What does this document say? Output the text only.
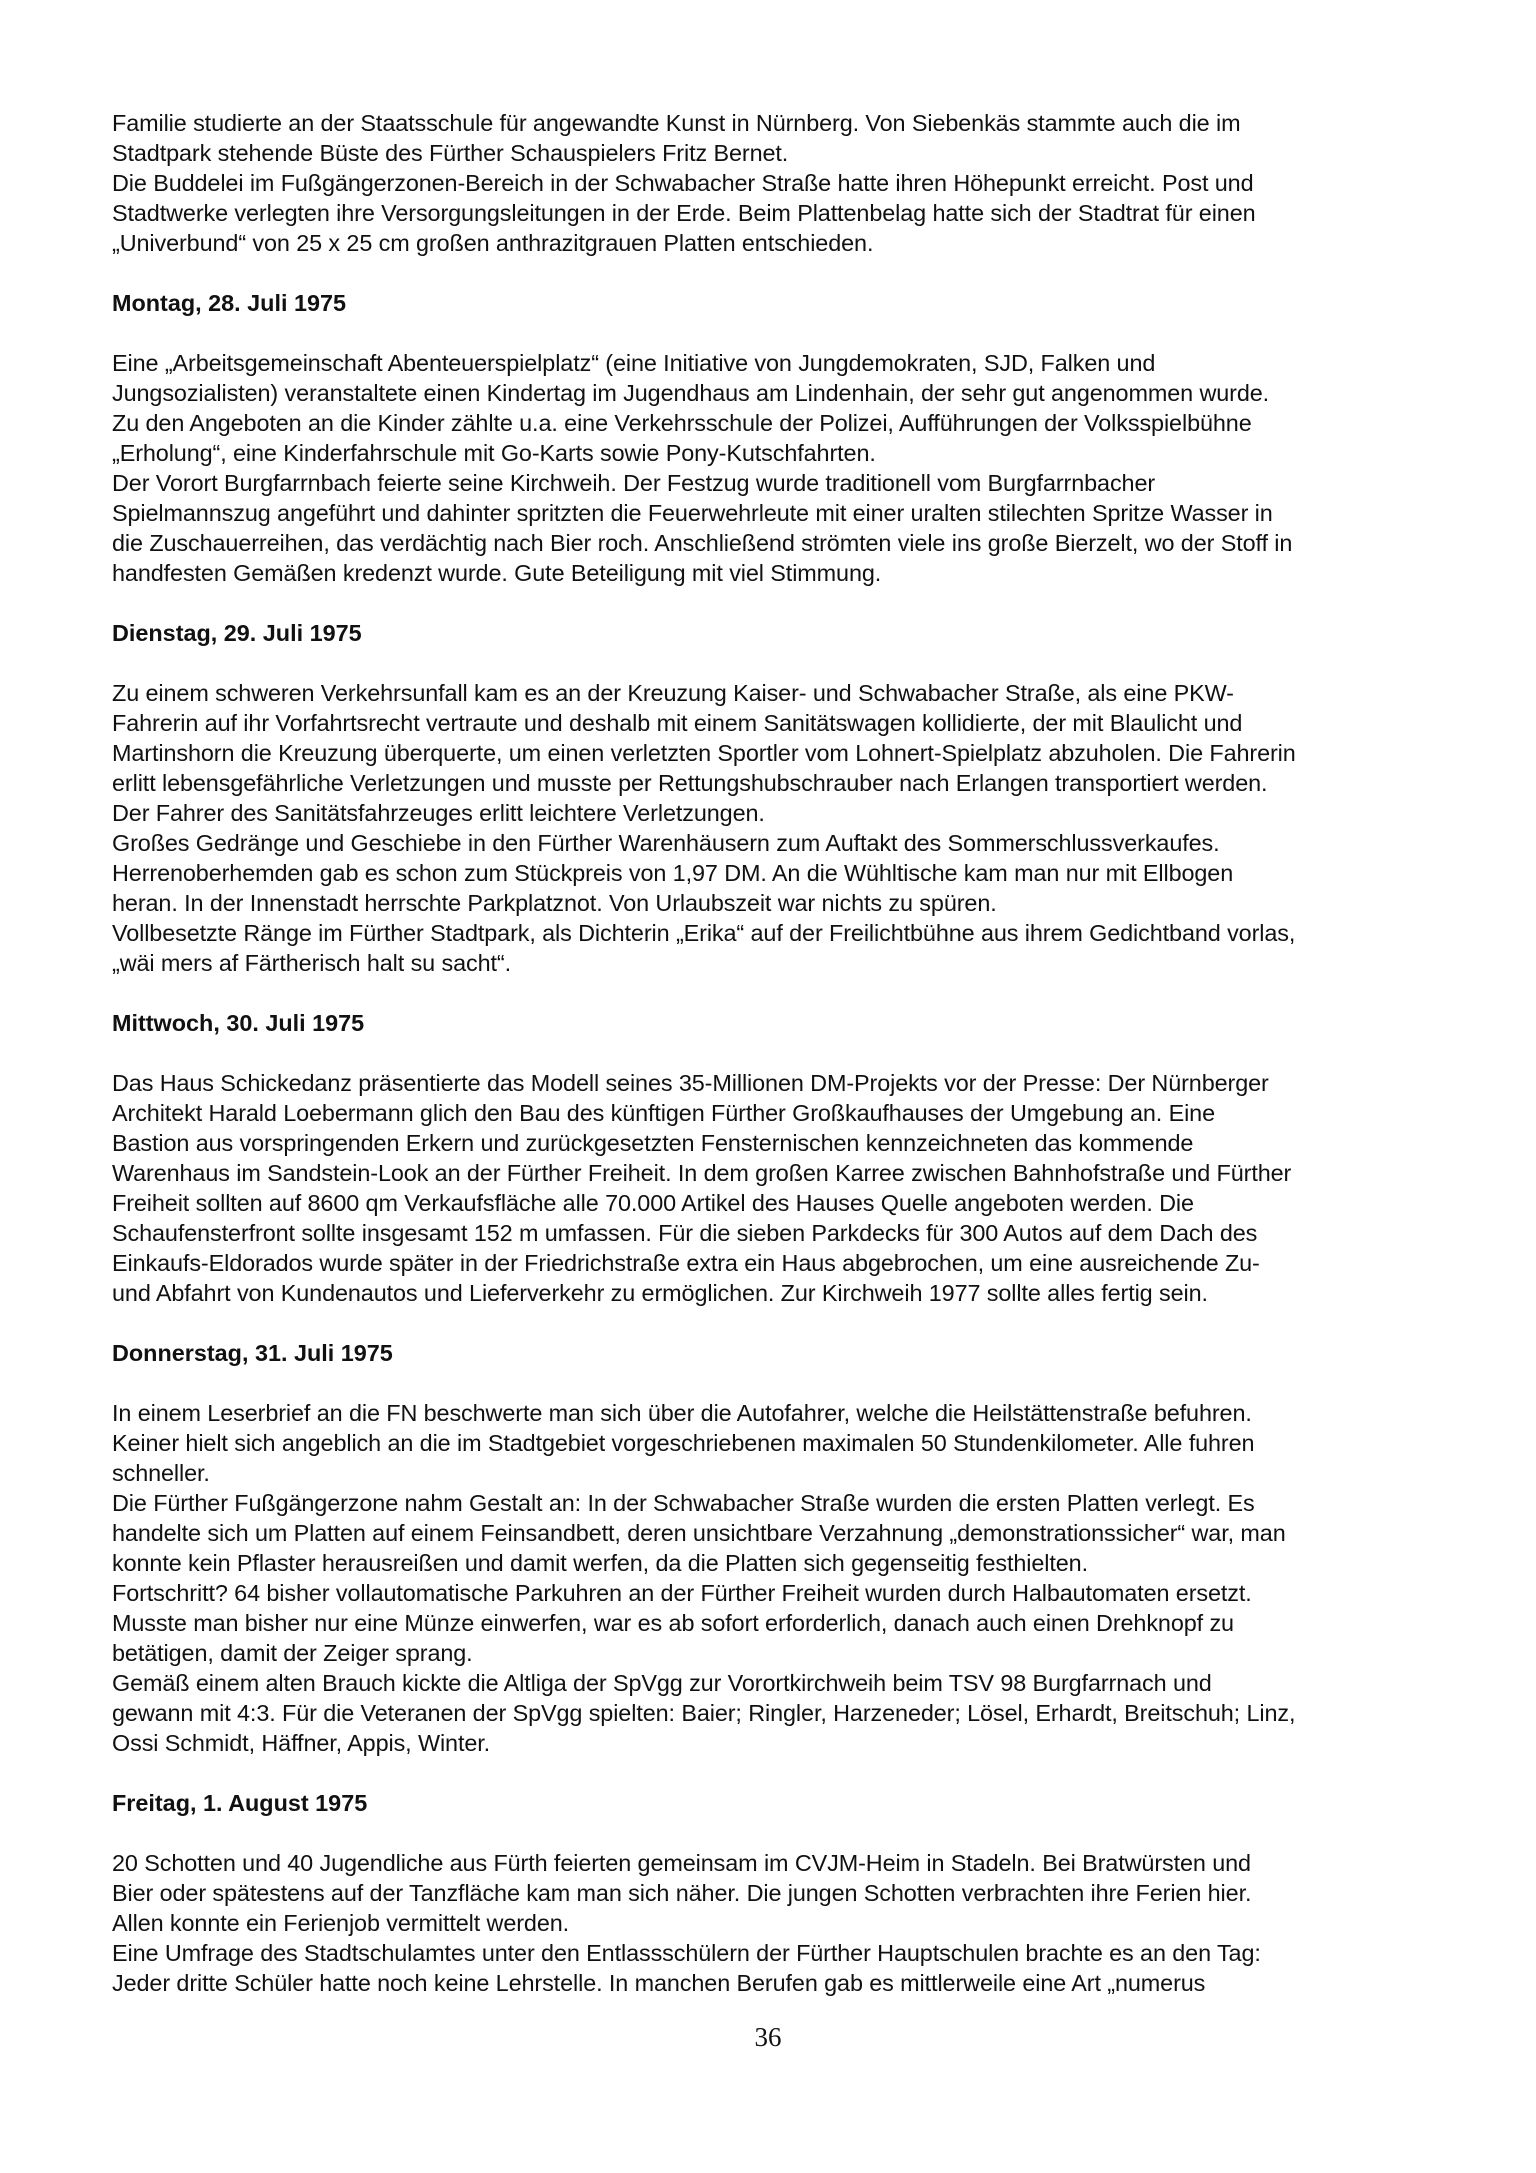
Familie studierte an der Staatsschule für angewandte Kunst in Nürnberg. Von Siebenkäs stammte auch die im
Stadtpark stehende Büste des Fürther Schauspielers Fritz Bernet.
Die Buddelei im Fußgängerzonen-Bereich in der Schwabacher Straße hatte ihren Höhepunkt erreicht. Post und
Stadtwerke verlegten ihre Versorgungsleitungen in der Erde. Beim Plattenbelag hatte sich der Stadtrat für einen
„Univerbund“ von 25 x 25 cm großen anthrazitgrauen Platten entschieden.

Montag, 28. Juli 1975

Eine „Arbeitsgemeinschaft Abenteuerspielplatz“ (eine Initiative von Jungdemokraten, SJD, Falken und
Jungsozialisten) veranstaltete einen Kindertag im Jugendhaus am Lindenhain, der sehr gut angenommen wurde.
Zu den Angeboten an die Kinder zählte u.a. eine Verkehrsschule der Polizei, Aufführungen der Volksspielbühne
„Erholung“, eine Kinderfahrschule mit Go-Karts sowie Pony-Kutschfahrten.
Der Vorort Burgfarrnbach feierte seine Kirchweih. Der Festzug wurde traditionell vom Burgfarrnbacher
Spielmannszug angeführt und dahinter spritzten die Feuerwehrleute mit einer uralten stilechten Spritze Wasser in
die Zuschauerreihen, das verdächtig nach Bier roch. Anschließend strömten viele ins große Bierzelt, wo der Stoff in
handfesten Gemäßen kredenzt wurde. Gute Beteiligung mit viel Stimmung.

Dienstag, 29. Juli 1975

Zu einem schweren Verkehrsunfall kam es an der Kreuzung Kaiser- und Schwabacher Straße, als eine PKW-
Fahrerin auf ihr Vorfahrtsrecht vertraute und deshalb mit einem Sanitätswagen kollidierte, der mit Blaulicht und
Martinshorn die Kreuzung überquerte, um einen verletzten Sportler vom Lohnert-Spielplatz abzuholen. Die Fahrerin
erlitt lebensgefährliche Verletzungen und musste per Rettungshubschrauber nach Erlangen transportiert werden.
Der Fahrer des Sanitätsfahrzeuges erlitt leichtere Verletzungen.
Großes Gedränge und Geschiebe in den Fürther Warenhäusern zum Auftakt des Sommerschlussverkaufes.
Herrenoberhemden gab es schon zum Stückpreis von 1,97 DM. An die Wühltische kam man nur mit Ellbogen
heran. In der Innenstadt herrschte Parkplatznot. Von Urlaubszeit war nichts zu spüren.
Vollbesetzte Ränge im Fürther Stadtpark, als Dichterin „Erika“ auf der Freilichtbühne aus ihrem Gedichtband vorlas,
„wäi mers af Färtherisch halt su sacht“.

Mittwoch, 30. Juli 1975

Das Haus Schickedanz präsentierte das Modell seines 35-Millionen DM-Projekts vor der Presse: Der Nürnberger
Architekt Harald Loebermann glich den Bau des künftigen Fürther Großkaufhauses der Umgebung an. Eine
Bastion aus vorspringenden Erkern und zurückgesetzten Fensternischen kennzeichneten das kommende
Warenhaus im Sandstein-Look an der Fürther Freiheit. In dem großen Karree zwischen Bahnhofstraße und Fürther
Freiheit sollten auf 8600 qm Verkaufsfläche alle 70.000 Artikel des Hauses Quelle angeboten werden. Die
Schaufensterfront sollte insgesamt 152 m umfassen. Für die sieben Parkdecks für 300 Autos auf dem Dach des
Einkaufs-Eldorados wurde später in der Friedrichstraße extra ein Haus abgebrochen, um eine ausreichende Zu-
und Abfahrt von Kundenautos und Lieferverkehr zu ermöglichen. Zur Kirchweih 1977 sollte alles fertig sein.

Donnerstag, 31. Juli 1975

In einem Leserbrief an die FN beschwerte man sich über die Autofahrer, welche die Heilstättenstraße befuhren.
Keiner hielt sich angeblich an die im Stadtgebiet vorgeschriebenen maximalen 50 Stundenkilometer. Alle fuhren
schneller.
Die Fürther Fußgängerzone nahm Gestalt an: In der Schwabacher Straße wurden die ersten Platten verlegt. Es
handelte sich um Platten auf einem Feinsandbett, deren unsichtbare Verzahnung „demonstrationssicher“ war, man
konnte kein Pflaster herausreißen und damit werfen, da die Platten sich gegenseitig festhielten.
Fortschritt? 64 bisher vollautomatische Parkuhren an der Fürther Freiheit wurden durch Halbautomaten ersetzt.
Musste man bisher nur eine Münze einwerfen, war es ab sofort erforderlich, danach auch einen Drehknopf zu
betätigen, damit der Zeiger sprang.
Gemäß einem alten Brauch kickte die Altliga der SpVgg zur Vorortkirchweih beim TSV 98 Burgfarrnach und
gewann mit 4:3. Für die Veteranen der SpVgg spielten: Baier; Ringler, Harzeneder; Lösel, Erhardt, Breitschuh; Linz,
Ossi Schmidt, Häffner, Appis, Winter.

Freitag, 1. August 1975

20 Schotten und 40 Jugendliche aus Fürth feierten gemeinsam im CVJM-Heim in Stadeln. Bei Bratwürsten und
Bier oder spätestens auf der Tanzfläche kam man sich näher. Die jungen Schotten verbrachten ihre Ferien hier.
Allen konnte ein Ferienjob vermittelt werden.
Eine Umfrage des Stadtschulamtes unter den Entlassschülern der Fürther Hauptschulen brachte es an den Tag:
Jeder dritte Schüler hatte noch keine Lehrstelle. In manchen Berufen gab es mittlerweile eine Art „numerus

36
